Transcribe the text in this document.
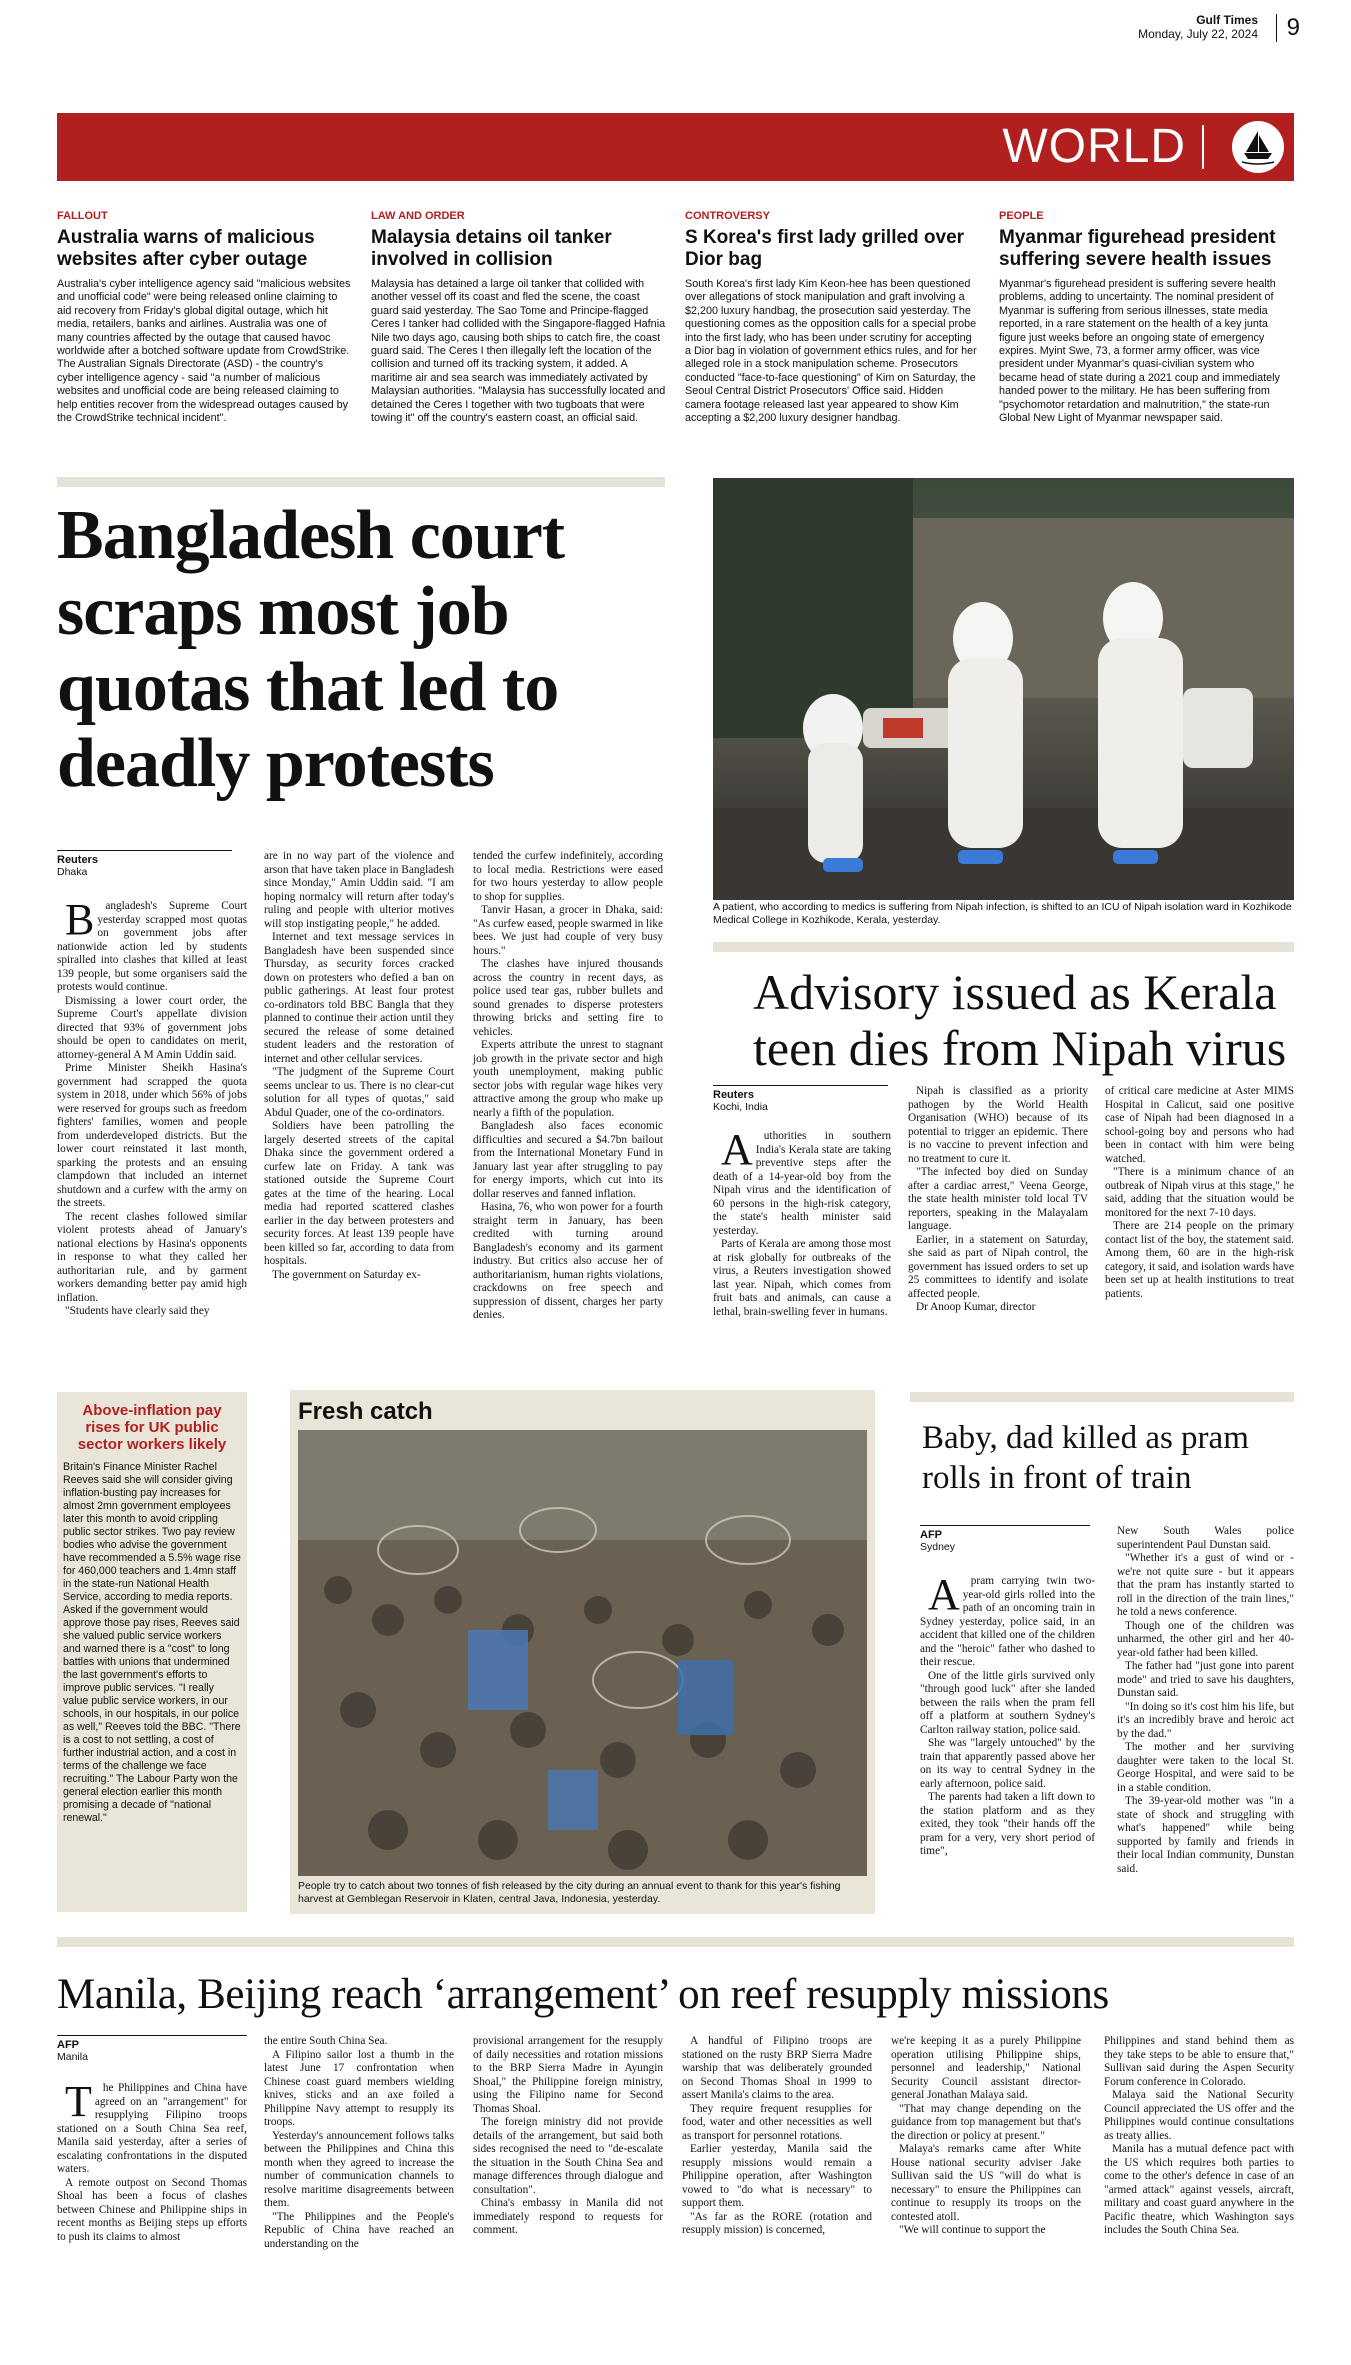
Gulf Times
Monday, July 22, 2024	9
WORLD
FALLOUT
Australia warns of malicious websites after cyber outage
Australia's cyber intelligence agency said "malicious websites and unofficial code" were being released online claiming to aid recovery from Friday's global digital outage, which hit media, retailers, banks and airlines. Australia was one of many countries affected by the outage that caused havoc worldwide after a botched software update from CrowdStrike. The Australian Signals Directorate (ASD) - the country's cyber intelligence agency - said "a number of malicious websites and unofficial code are being released claiming to help entities recover from the widespread outages caused by the CrowdStrike technical incident".
LAW AND ORDER
Malaysia detains oil tanker involved in collision
Malaysia has detained a large oil tanker that collided with another vessel off its coast and fled the scene, the coast guard said yesterday. The Sao Tome and Principe-flagged Ceres I tanker had collided with the Singapore-flagged Hafnia Nile two days ago, causing both ships to catch fire, the coast guard said. The Ceres I then illegally left the location of the collision and turned off its tracking system, it added. A maritime air and sea search was immediately activated by Malaysian authorities. "Malaysia has successfully located and detained the Ceres I together with two tugboats that were towing it" off the country's eastern coast, an official said.
CONTROVERSY
S Korea's first lady grilled over Dior bag
South Korea's first lady Kim Keon-hee has been questioned over allegations of stock manipulation and graft involving a $2,200 luxury handbag, the prosecution said yesterday. The questioning comes as the opposition calls for a special probe into the first lady, who has been under scrutiny for accepting a Dior bag in violation of government ethics rules, and for her alleged role in a stock manipulation scheme. Prosecutors conducted "face-to-face questioning" of Kim on Saturday, the Seoul Central District Prosecutors' Office said. Hidden camera footage released last year appeared to show Kim accepting a $2,200 luxury designer handbag.
PEOPLE
Myanmar figurehead president suffering severe health issues
Myanmar's figurehead president is suffering severe health problems, adding to uncertainty. The nominal president of Myanmar is suffering from serious illnesses, state media reported, in a rare statement on the health of a key junta figure just weeks before an ongoing state of emergency expires. Myint Swe, 73, a former army officer, was vice president under Myanmar's quasi-civilian system who became head of state during a 2021 coup and immediately handed power to the military. He has been suffering from "psychomotor retardation and malnutrition," the state-run Global New Light of Myanmar newspaper said.
Bangladesh court scraps most job quotas that led to deadly protests
Reuters
Dhaka

Bangladesh's Supreme Court yesterday scrapped most quotas on government jobs after nationwide action led by students spiralled into clashes that killed at least 139 people, but some organisers said the protests would continue.

Dismissing a lower court order, the Supreme Court's appellate division directed that 93% of government jobs should be open to candidates on merit, attorney-general A M Amin Uddin said.

Prime Minister Sheikh Hasina's government had scrapped the quota system in 2018, under which 56% of jobs were reserved for groups such as freedom fighters' families, women and people from underdeveloped districts. But the lower court reinstated it last month, sparking the protests and an ensuing clampdown that included an internet shutdown and a curfew with the army on the streets.

The recent clashes followed similar violent protests ahead of January's national elections by Hasina's opponents in response to what they called her authoritarian rule, and by garment workers demanding better pay amid high inflation.

"Students have clearly said they

are in no way part of the violence and arson that have taken place in Bangladesh since Monday," Amin Uddin said. "I am hoping normalcy will return after today's ruling and people with ulterior motives will stop instigating people," he added.

Internet and text message services in Bangladesh have been suspended since Thursday, as security forces cracked down on protesters who defied a ban on public gatherings. At least four protest co-ordinators told BBC Bangla that they planned to continue their action until they secured the release of some detained student leaders and the restoration of internet and other cellular services.

"The judgment of the Supreme Court seems unclear to us. There is no clear-cut solution for all types of quotas," said Abdul Quader, one of the co-ordinators.

Soldiers have been patrolling the largely deserted streets of the capital Dhaka since the government ordered a curfew late on Friday. A tank was stationed outside the Supreme Court gates at the time of the hearing. Local media had reported scattered clashes earlier in the day between protesters and security forces. At least 139 people have been killed so far, according to data from hospitals.

The government on Saturday ex-

tended the curfew indefinitely, according to local media. Restrictions were eased for two hours yesterday to allow people to shop for supplies.

Tanvir Hasan, a grocer in Dhaka, said: "As curfew eased, people swarmed in like bees. We just had couple of very busy hours."

The clashes have injured thousands across the country in recent days, as police used tear gas, rubber bullets and sound grenades to disperse protesters throwing bricks and setting fire to vehicles.

Experts attribute the unrest to stagnant job growth in the private sector and high youth unemployment, making public sector jobs with regular wage hikes very attractive among the group who make up nearly a fifth of the population.

Bangladesh also faces economic difficulties and secured a $4.7bn bailout from the International Monetary Fund in January last year after struggling to pay for energy imports, which cut into its dollar reserves and fanned inflation.

Hasina, 76, who won power for a fourth straight term in January, has been credited with turning around Bangladesh's economy and its garment industry. But critics also accuse her of authoritarianism, human rights violations, crackdowns on free speech and suppression of dissent, charges her party denies.

A patient, who according to medics is suffering from Nipah infection, is shifted to an ICU of Nipah isolation ward in Kozhikode Medical College in Kozhikode, Kerala, yesterday.
Advisory issued as Kerala teen dies from Nipah virus
Reuters
Kochi, India

Authorities in southern India's Kerala state are taking preventive steps after the death of a 14-year-old boy from the Nipah virus and the identification of 60 persons in the high-risk category, the state's health minister said yesterday.

Parts of Kerala are among those most at risk globally for outbreaks of the virus, a Reuters investigation showed last year. Nipah, which comes from fruit bats and animals, can cause a lethal, brain-swelling fever in humans.

Nipah is classified as a priority pathogen by the World Health Organisation (WHO) because of its potential to trigger an epidemic. There is no vaccine to prevent infection and no treatment to cure it.

"The infected boy died on Sunday after a cardiac arrest," Veena George, the state health minister told local TV reporters, speaking in the Malayalam language.

Earlier, in a statement on Saturday, she said as part of Nipah control, the government has issued orders to set up 25 committees to identify and isolate affected people.

Dr Anoop Kumar, director

of critical care medicine at Aster MIMS Hospital in Calicut, said one positive case of Nipah had been diagnosed in a school-going boy and persons who had been in contact with him were being watched.

"There is a minimum chance of an outbreak of Nipah virus at this stage," he said, adding that the situation would be monitored for the next 7-10 days.

There are 214 people on the primary contact list of the boy, the statement said. Among them, 60 are in the high-risk category, it said, and isolation wards have been set up at health institutions to treat patients.

Above-inflation pay rises for UK public sector workers likely
Britain's Finance Minister Rachel Reeves said she will consider giving inflation-busting pay increases for almost 2mn government employees later this month to avoid crippling public sector strikes. Two pay review bodies who advise the government have recommended a 5.5% wage rise for 460,000 teachers and 1.4mn staff in the state-run National Health Service, according to media reports. Asked if the government would approve those pay rises, Reeves said she valued public service workers and warned there is a "cost" to long battles with unions that undermined the last government's efforts to improve public services. "I really value public service workers, in our schools, in our hospitals, in our police as well," Reeves told the BBC. "There is a cost to not settling, a cost of further industrial action, and a cost in terms of the challenge we face recruiting." The Labour Party won the general election earlier this month promising a decade of "national renewal."
Fresh catch
People try to catch about two tonnes of fish released by the city during an annual event to thank for this year's fishing harvest at Gemblegan Reservoir in Klaten, central Java, Indonesia, yesterday.
Baby, dad killed as pram rolls in front of train
AFP
Sydney

Apram carrying twin two-year-old girls rolled into the path of an oncoming train in Sydney yesterday, police said, in an accident that killed one of the children and the "heroic" father who dashed to their rescue.

One of the little girls survived only "through good luck" after she landed between the rails when the pram fell off a platform at southern Sydney's Carlton railway station, police said.

She was "largely untouched" by the train that apparently passed above her on its way to central Sydney in the early afternoon, police said.

The parents had taken a lift down to the station platform and as they exited, they took "their hands off the pram for a very, very short period of time",

New South Wales police superintendent Paul Dunstan said.

"Whether it's a gust of wind or - we're not quite sure - but it appears that the pram has instantly started to roll in the direction of the train lines," he told a news conference.

Though one of the children was unharmed, the other girl and her 40-year-old father had been killed.

The father had "just gone into parent mode" and tried to save his daughters, Dunstan said.

"In doing so it's cost him his life, but it's an incredibly brave and heroic act by the dad."

The mother and her surviving daughter were taken to the local St. George Hospital, and were said to be in a stable condition.

The 39-year-old mother was "in a state of shock and struggling with what's happened" while being supported by family and friends in their local Indian community, Dunstan said.

Manila, Beijing reach ‘arrangement’ on reef resupply missions
AFP
Manila

The Philippines and China have agreed on an "arrangement" for resupplying Filipino troops stationed on a South China Sea reef, Manila said yesterday, after a series of escalating confrontations in the disputed waters.

A remote outpost on Second Thomas Shoal has been a focus of clashes between Chinese and Philippine ships in recent months as Beijing steps up efforts to push its claims to almost

the entire South China Sea.

A Filipino sailor lost a thumb in the latest June 17 confrontation when Chinese coast guard members wielding knives, sticks and an axe foiled a Philippine Navy attempt to resupply its troops.

Yesterday's announcement follows talks between the Philippines and China this month when they agreed to increase the number of communication channels to resolve maritime disagreements between them.

"The Philippines and the People's Republic of China have reached an understanding on the

provisional arrangement for the resupply of daily necessities and rotation missions to the BRP Sierra Madre in Ayungin Shoal," the Philippine foreign ministry, using the Filipino name for Second Thomas Shoal.

The foreign ministry did not provide details of the arrangement, but said both sides recognised the need to "de-escalate the situation in the South China Sea and manage differences through dialogue and consultation".

China's embassy in Manila did not immediately respond to requests for comment.

A handful of Filipino troops are stationed on the rusty BRP Sierra Madre warship that was deliberately grounded on Second Thomas Shoal in 1999 to assert Manila's claims to the area.

They require frequent resupplies for food, water and other necessities as well as transport for personnel rotations.

Earlier yesterday, Manila said the resupply missions would remain a Philippine operation, after Washington vowed to "do what is necessary" to support them.

"As far as the RORE (rotation and resupply mission) is concerned,

we're keeping it as a purely Philippine operation utilising Philippine ships, personnel and leadership," National Security Council assistant director-general Jonathan Malaya said.

"That may change depending on the guidance from top management but that's the direction or policy at present."

Malaya's remarks came after White House national security adviser Jake Sullivan said the US "will do what is necessary" to ensure the Philippines can continue to resupply its troops on the contested atoll.

"We will continue to support the

Philippines and stand behind them as they take steps to be able to ensure that," Sullivan said during the Aspen Security Forum conference in Colorado.

Malaya said the National Security Council appreciated the US offer and the Philippines would continue consultations as treaty allies.

Manila has a mutual defence pact with the US which requires both parties to come to the other's defence in case of an "armed attack" against vessels, aircraft, military and coast guard anywhere in the Pacific theatre, which Washington says includes the South China Sea.
